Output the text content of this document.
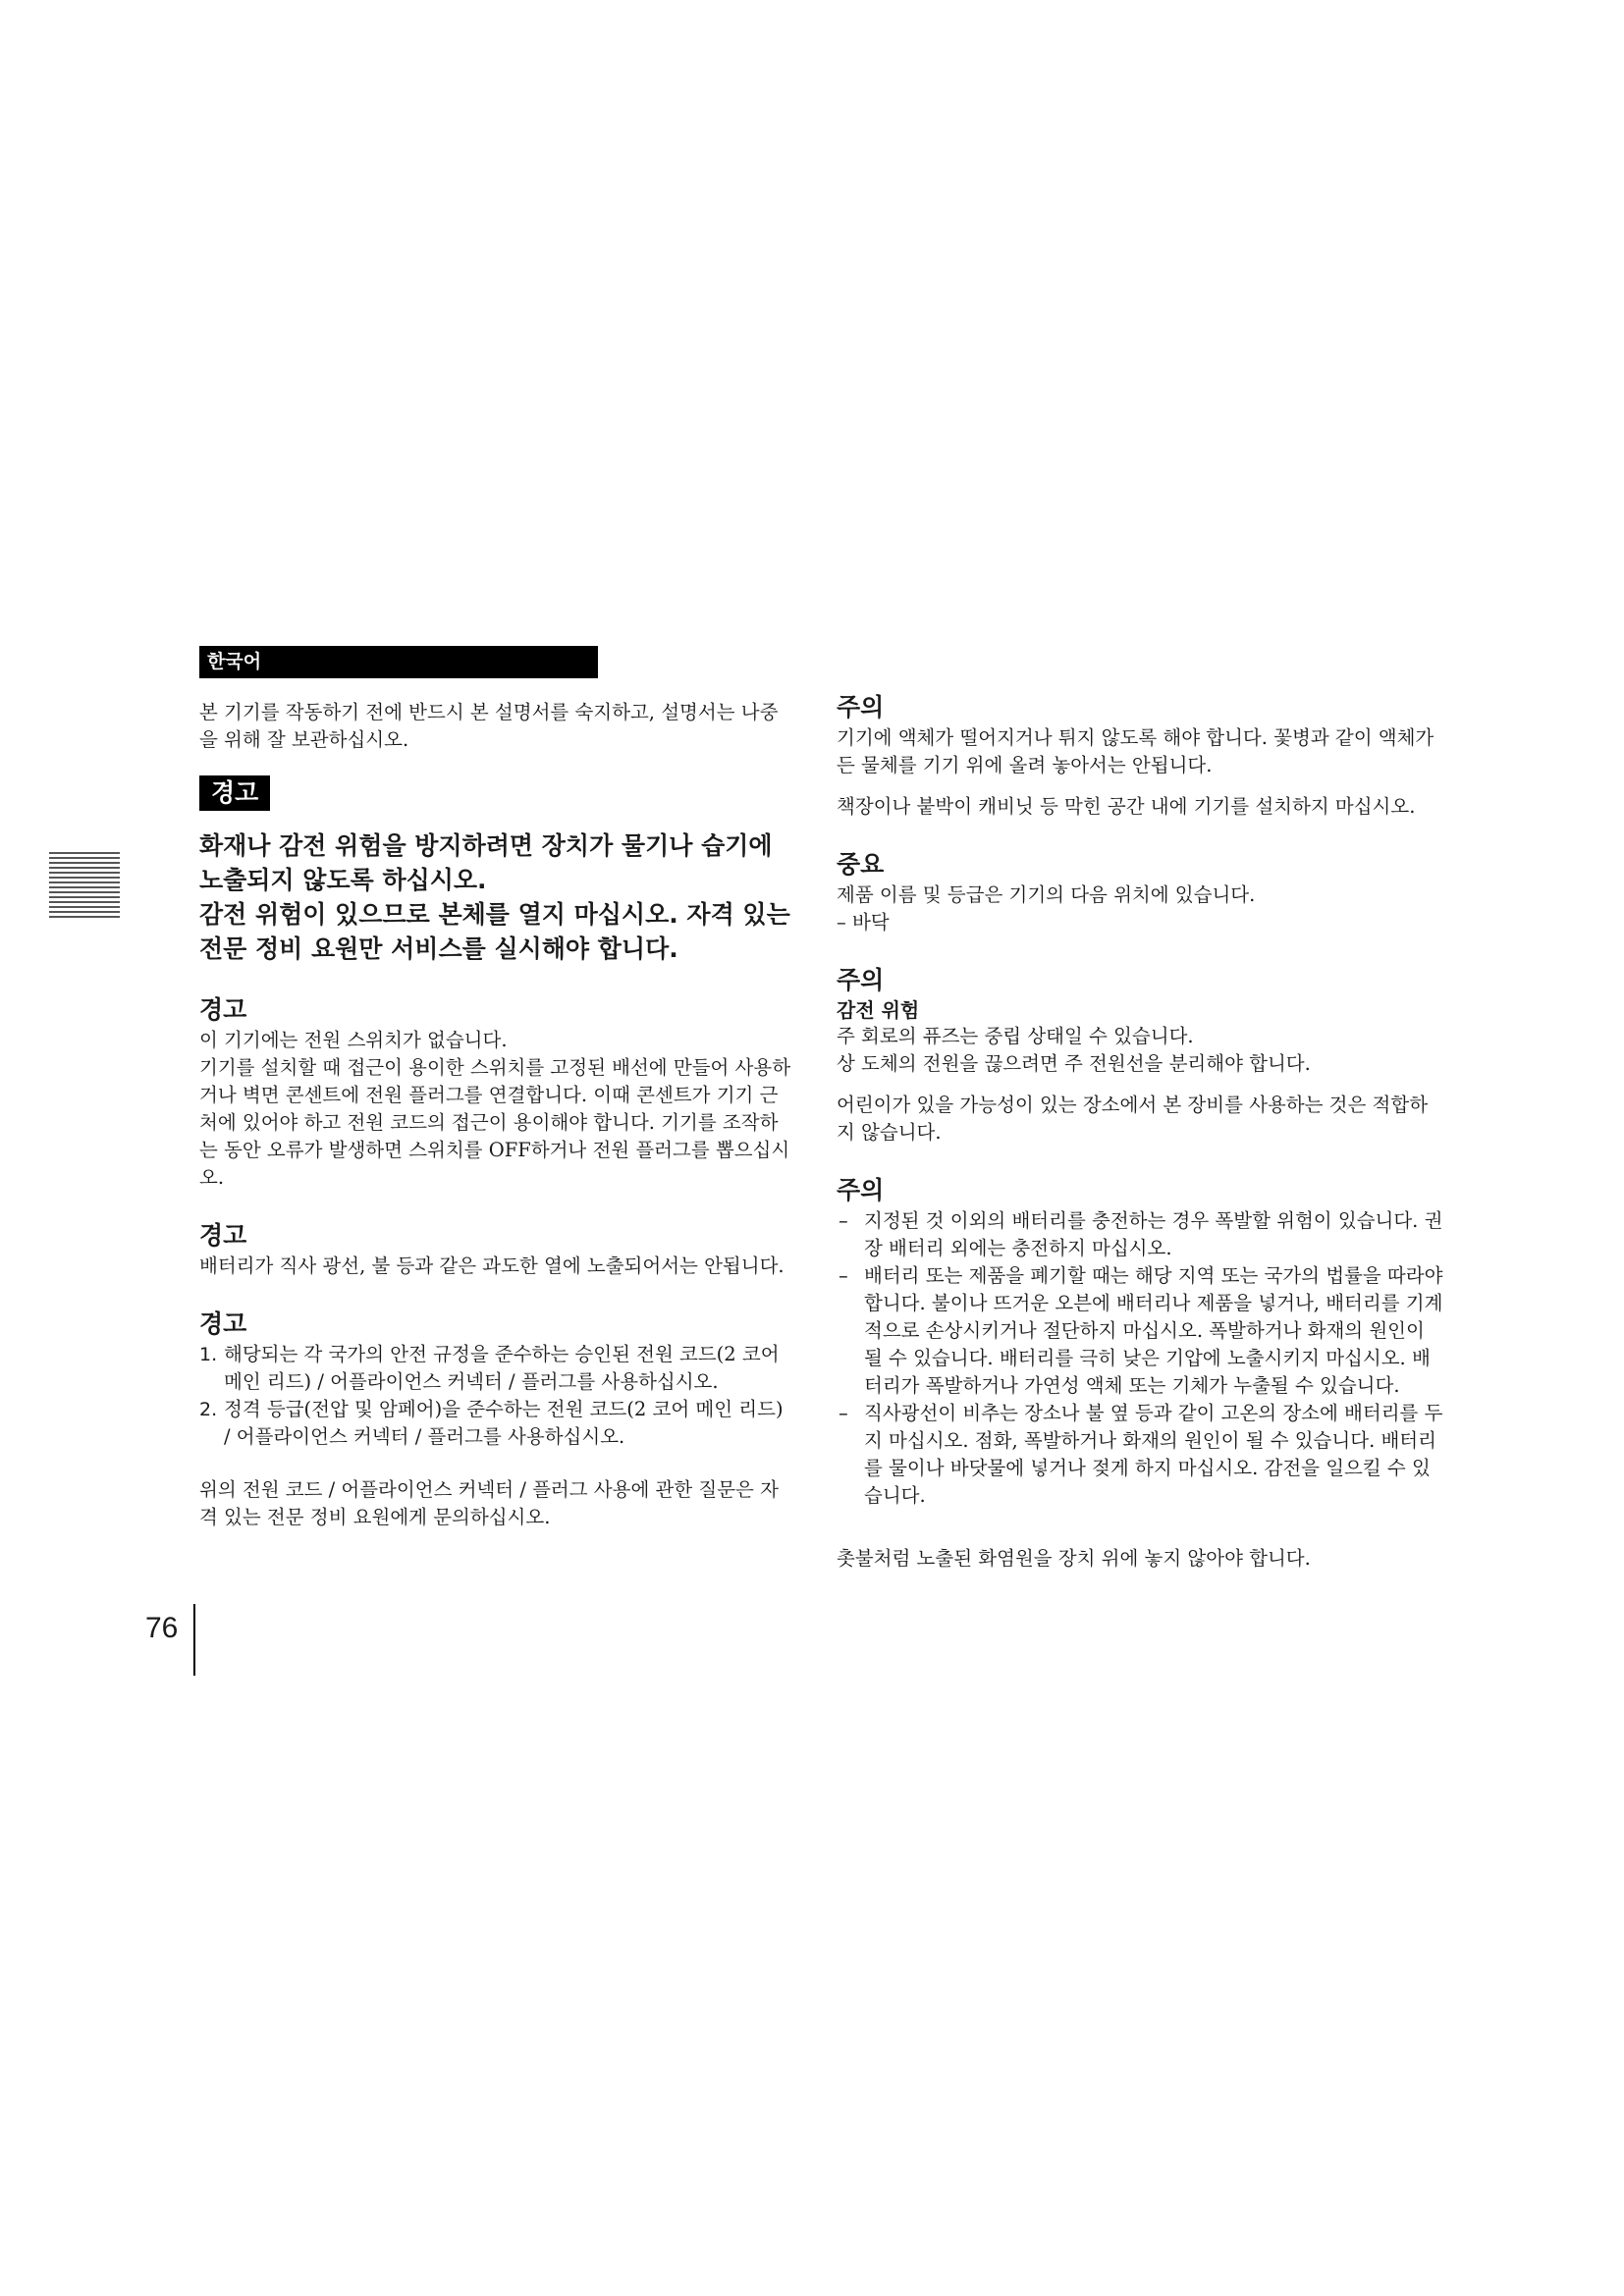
한국어

본 기기를 작동하기 전에 반드시 본 설명서를 숙지하고, 설명서는 나중을 위해 잘 보관하십시오.

경고
화재나 감전 위험을 방지하려면 장치가 물기나 습기에 노출되지 않도록 하십시오.
감전 위험이 있으므로 본체를 열지 마십시오. 자격 있는 전문 정비 요원만 서비스를 실시해야 합니다.
경고
이 기기에는 전원 스위치가 없습니다.
기기를 설치할 때 접근이 용이한 스위치를 고정된 배선에 만들어 사용하거나 벽면 콘센트에 전원 플러그를 연결합니다. 이때 콘센트가 기기 근처에 있어야 하고 전원 코드의 접근이 용이해야 합니다. 기기를 조작하는 동안 오류가 발생하면 스위치를 OFF하거나 전원 플러그를 뽑으십시오.
경고
배터리가 직사 광선, 불 등과 같은 과도한 열에 노출되어서는 안됩니다.
경고
1. 해당되는 각 국가의 안전 규정을 준수하는 승인된 전원 코드(2 코어 메인 리드) / 어플라이언스 커넥터 / 플러그를 사용하십시오.
2. 정격 등급(전압 및 암페어)을 준수하는 전원 코드(2 코어 메인 리드) / 어플라이언스 커넥터 / 플러그를 사용하십시오.
위의 전원 코드 / 어플라이언스 커넥터 / 플러그 사용에 관한 질문은 자격 있는 전문 정비 요원에게 문의하십시오.
주의

기기에 액체가 떨어지거나 튀지 않도록 해야 합니다. 꽃병과 같이 액체가 든 물체를 기기 위에 올려 놓아서는 안됩니다.

책장이나 붙박이 캐비닛 등 막힌 공간 내에 기기를 설치하지 마십시오.
중요
제품 이름 및 등급은 기기의 다음 위치에 있습니다.
– 바닥
주의
감전 위험
주 회로의 퓨즈는 중립 상태일 수 있습니다.

상 도체의 전원을 끊으려면 주 전원선을 분리해야 합니다.

어린이가 있을 가능성이 있는 장소에서 본 장비를 사용하는 것은 적합하지 않습니다.
주의
– 지정된 것 이외의 배터리를 충전하는 경우 폭발할 위험이 있습니다. 권장 배터리 외에는 충전하지 마십시오.
– 배터리 또는 제품을 폐기할 때는 해당 지역 또는 국가의 법률을 따라야 합니다. 불이나 뜨거운 오븐에 배터리나 제품을 넣거나, 배터리를 기계적으로 손상시키거나 절단하지 마십시오. 폭발하거나 화재의 원인이 될 수 있습니다. 배터리를 극히 낮은 기압에 노출시키지 마십시오. 배터리가 폭발하거나 가연성 액체 또는 기체가 누출될 수 있습니다.
– 직사광선이 비추는 장소나 불 옆 등과 같이 고온의 장소에 배터리를 두지 마십시오. 점화, 폭발하거나 화재의 원인이 될 수 있습니다. 배터리를 물이나 바닷물에 넣거나 젖게 하지 마십시오. 감전을 일으킬 수 있습니다.
촛불처럼 노출된 화염원을 장치 위에 놓지 않아야 합니다.
76
